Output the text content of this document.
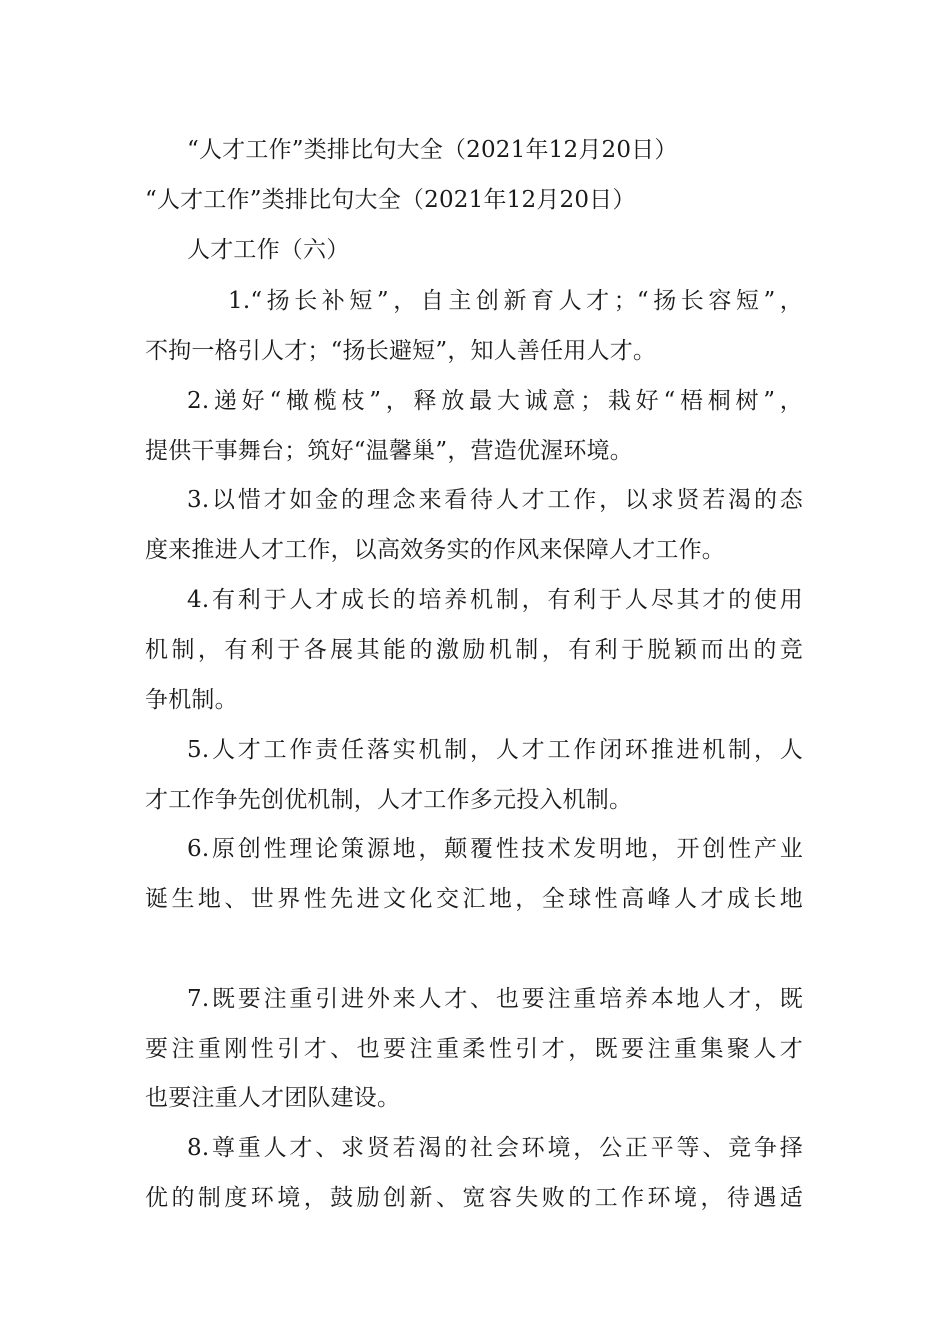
“人才工作”类排比句大全（2021年12月20日）
“人才工作”类排比句大全（2021年12月20日）
人才工作（六）
1.“扬长补短”，自主创新育人才；“扬长容短”，
不拘一格引人才；“扬长避短”，知人善任用人才。
2.递好“橄榄枝”，释放最大诚意；栽好“梧桐树”，
提供干事舞台；筑好“温馨巢”，营造优渥环境。
3.以惜才如金的理念来看待人才工作，以求贤若渴的态
度来推进人才工作，以高效务实的作风来保障人才工作。
4.有利于人才成长的培养机制，有利于人尽其才的使用
机制，有利于各展其能的激励机制，有利于脱颖而出的竞
争机制。
5.人才工作责任落实机制，人才工作闭环推进机制，人
才工作争先创优机制，人才工作多元投入机制。
6.原创性理论策源地，颠覆性技术发明地，开创性产业
诞生地、世界性先进文化交汇地，全球性高峰人才成长地
7.既要注重引进外来人才、也要注重培养本地人才，既
要注重刚性引才、也要注重柔性引才，既要注重集聚人才
也要注重人才团队建设。
8.尊重人才、求贤若渴的社会环境，公正平等、竞争择
优的制度环境，鼓励创新、宽容失败的工作环境，待遇适
